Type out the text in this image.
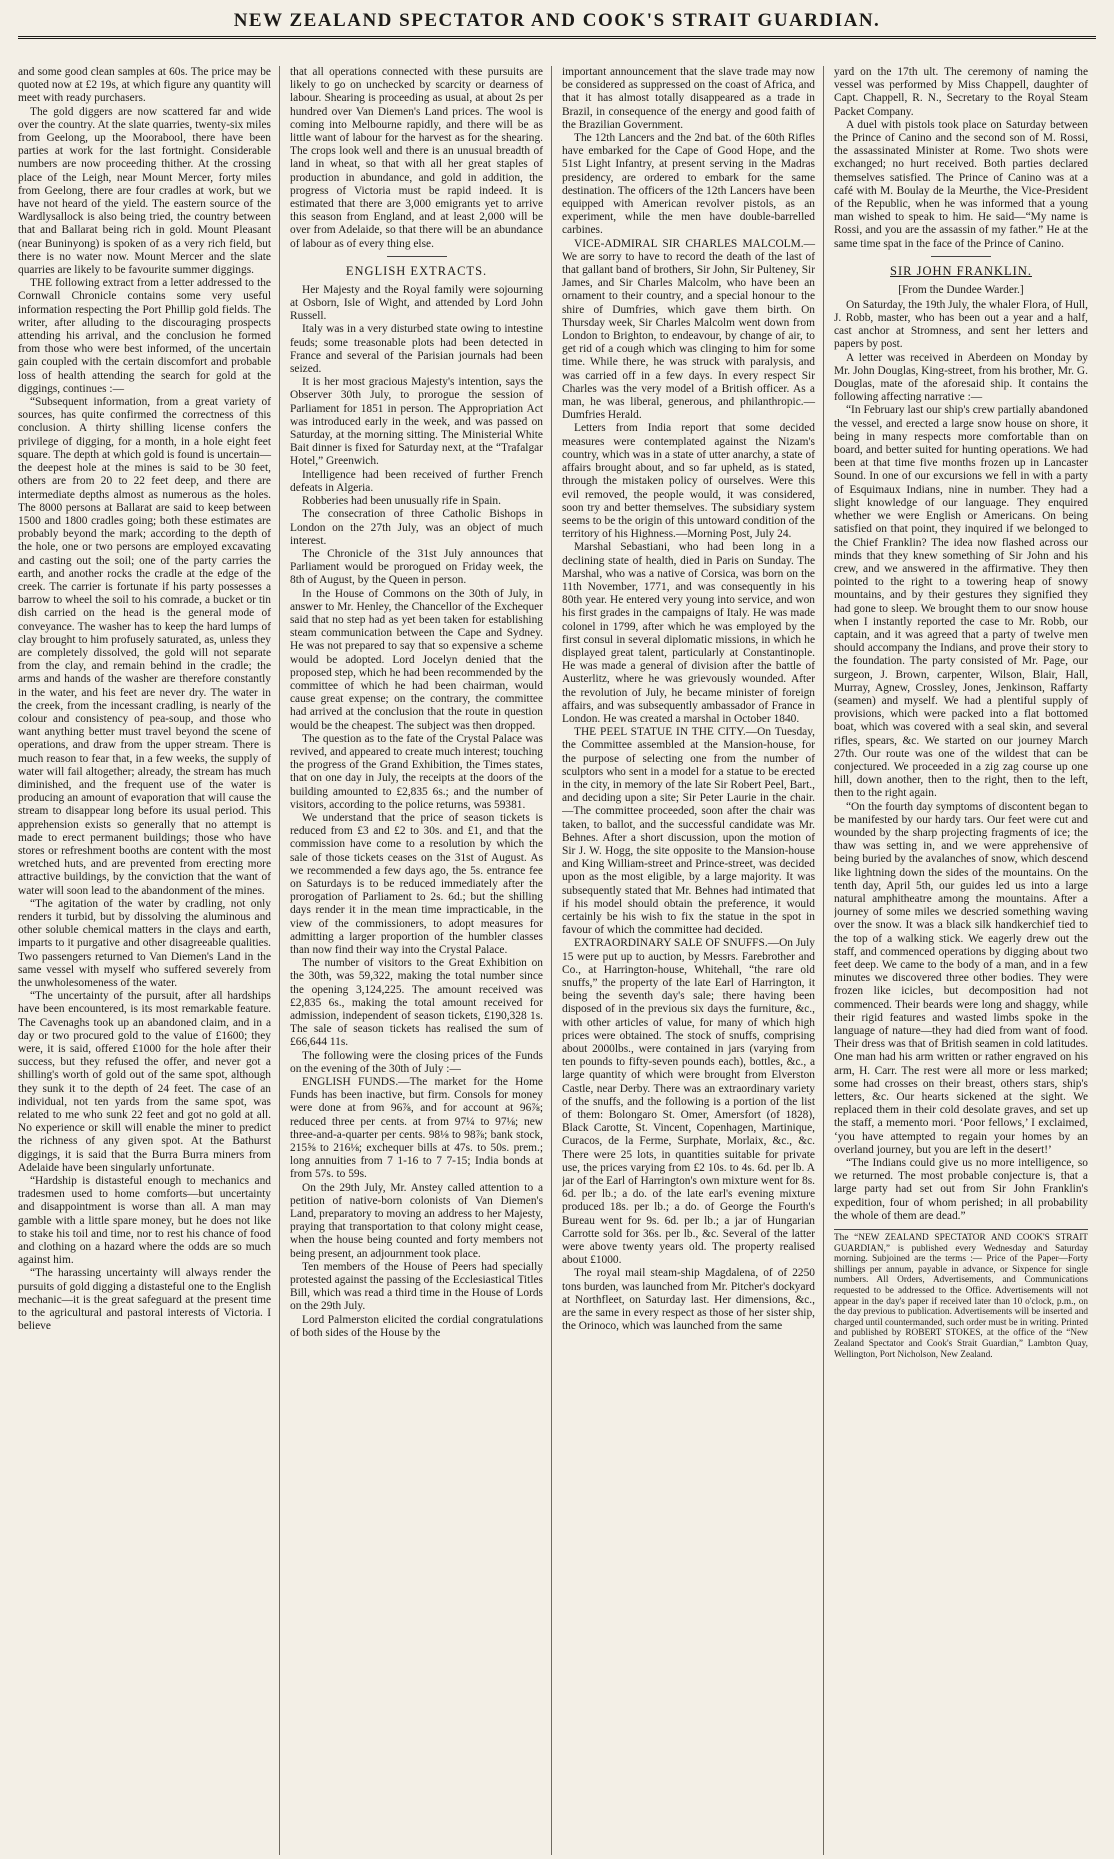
NEW ZEALAND SPECTATOR AND COOK'S STRAIT GUARDIAN.

and some good clean samples at 60s. The price may be quoted now at £2 19s, at which figure any quantity will meet with ready purchasers.

The gold diggers are now scattered far and wide over the country. At the slate quarries, twenty-six miles from Geelong, up the Moorabool, there have been parties at work for the last fortnight. Considerable numbers are now proceeding thither. At the crossing place of the Leigh, near Mount Mercer, forty miles from Geelong, there are four cradles at work, but we have not heard of the yield. The eastern source of the Wardlysallock is also being tried, the country between that and Ballarat being rich in gold. Mount Pleasant (near Buninyong) is spoken of as a very rich field, but there is no water now. Mount Mercer and the slate quarries are likely to be favourite summer diggings.

THE following extract from a letter addressed to the Cornwall Chronicle contains some very useful information respecting the Port Phillip gold fields. The writer, after alluding to the discouraging prospects attending his arrival, and the conclusion he formed from those who were best informed, of the uncertain gain coupled with the certain discomfort and probable loss of health attending the search for gold at the diggings, continues :—

“Subsequent information, from a great variety of sources, has quite confirmed the correctness of this conclusion. A thirty shilling license confers the privilege of digging, for a month, in a hole eight feet square. The depth at which gold is found is uncertain—the deepest hole at the mines is said to be 30 feet, others are from 20 to 22 feet deep, and there are intermediate depths almost as numerous as the holes. The 8000 persons at Ballarat are said to keep between 1500 and 1800 cradles going; both these estimates are probably beyond the mark; according to the depth of the hole, one or two persons are employed excavating and casting out the soil; one of the party carries the earth, and another rocks the cradle at the edge of the creek. The carrier is fortunate if his party possesses a barrow to wheel the soil to his comrade, a bucket or tin dish carried on the head is the general mode of conveyance. The washer has to keep the hard lumps of clay brought to him profusely saturated, as, unless they are completely dissolved, the gold will not separate from the clay, and remain behind in the cradle; the arms and hands of the washer are therefore constantly in the water, and his feet are never dry. The water in the creek, from the incessant cradling, is nearly of the colour and consistency of pea-soup, and those who want anything better must travel beyond the scene of operations, and draw from the upper stream. There is much reason to fear that, in a few weeks, the supply of water will fail altogether; already, the stream has much diminished, and the frequent use of the water is producing an amount of evaporation that will cause the stream to disappear long before its usual period. This apprehension exists so generally that no attempt is made to erect permanent buildings; those who have stores or refreshment booths are content with the most wretched huts, and are prevented from erecting more attractive buildings, by the conviction that the want of water will soon lead to the abandonment of the mines.

“The agitation of the water by cradling, not only renders it turbid, but by dissolving the aluminous and other soluble chemical matters in the clays and earth, imparts to it purgative and other disagreeable qualities. Two passengers returned to Van Diemen's Land in the same vessel with myself who suffered severely from the unwholesomeness of the water.

“The uncertainty of the pursuit, after all hardships have been encountered, is its most remarkable feature. The Cavenaghs took up an abandoned claim, and in a day or two procured gold to the value of £1600; they were, it is said, offered £1000 for the hole after their success, but they refused the offer, and never got a shilling's worth of gold out of the same spot, although they sunk it to the depth of 24 feet. The case of an individual, not ten yards from the same spot, was related to me who sunk 22 feet and got no gold at all. No experience or skill will enable the miner to predict the richness of any given spot. At the Bathurst diggings, it is said that the Burra Burra miners from Adelaide have been singularly unfortunate.

“Hardship is distasteful enough to mechanics and tradesmen used to home comforts—but uncertainty and disappointment is worse than all. A man may gamble with a little spare money, but he does not like to stake his toil and time, nor to rest his chance of food and clothing on a hazard where the odds are so much against him.

“The harassing uncertainty will always render the pursuits of gold digging a distasteful one to the English mechanic—it is the great safeguard at the present time to the agricultural and pastoral interests of Victoria. I believe

that all operations connected with these pursuits are likely to go on unchecked by scarcity or dearness of labour. Shearing is proceeding as usual, at about 2s per hundred over Van Diemen's Land prices. The wool is coming into Melbourne rapidly, and there will be as little want of labour for the harvest as for the shearing. The crops look well and there is an unusual breadth of land in wheat, so that with all her great staples of production in abundance, and gold in addition, the progress of Victoria must be rapid indeed. It is estimated that there are 3,000 emigrants yet to arrive this season from England, and at least 2,000 will be over from Adelaide, so that there will be an abundance of labour as of every thing else.

ENGLISH EXTRACTS.

Her Majesty and the Royal family were sojourning at Osborn, Isle of Wight, and attended by Lord John Russell.

Italy was in a very disturbed state owing to intestine feuds; some treasonable plots had been detected in France and several of the Parisian journals had been seized.

It is her most gracious Majesty's intention, says the Observer 30th July, to prorogue the session of Parliament for 1851 in person. The Appropriation Act was introduced early in the week, and was passed on Saturday, at the morning sitting. The Ministerial White Bait dinner is fixed for Saturday next, at the “Trafalgar Hotel,” Greenwich.

Intelligence had been received of further French defeats in Algeria.

Robberies had been unusually rife in Spain.

The consecration of three Catholic Bishops in London on the 27th July, was an object of much interest.

The Chronicle of the 31st July announces that Parliament would be prorogued on Friday week, the 8th of August, by the Queen in person.

In the House of Commons on the 30th of July, in answer to Mr. Henley, the Chancellor of the Exchequer said that no step had as yet been taken for establishing steam communication between the Cape and Sydney. He was not prepared to say that so expensive a scheme would be adopted. Lord Jocelyn denied that the proposed step, which he had been recommended by the committee of which he had been chairman, would cause great expense; on the contrary, the committee had arrived at the conclusion that the route in question would be the cheapest. The subject was then dropped.

The question as to the fate of the Crystal Palace was revived, and appeared to create much interest; touching the progress of the Grand Exhibition, the Times states, that on one day in July, the receipts at the doors of the building amounted to £2,835 6s.; and the number of visitors, according to the police returns, was 59381.

We understand that the price of season tickets is reduced from £3 and £2 to 30s. and £1, and that the commission have come to a resolution by which the sale of those tickets ceases on the 31st of August. As we recommended a few days ago, the 5s. entrance fee on Saturdays is to be reduced immediately after the prorogation of Parliament to 2s. 6d.; but the shilling days render it in the mean time impracticable, in the view of the commissioners, to adopt measures for admitting a larger proportion of the humbler classes than now find their way into the Crystal Palace.

The number of visitors to the Great Exhibition on the 30th, was 59,322, making the total number since the opening 3,124,225. The amount received was £2,835 6s., making the total amount received for admission, independent of season tickets, £190,328 1s. The sale of season tickets has realised the sum of £66,644 11s.

The following were the closing prices of the Funds on the evening of the 30th of July :—

ENGLISH FUNDS.—The market for the Home Funds has been inactive, but firm. Consols for money were done at from 96⅞, and for account at 96⅞; reduced three per cents. at from 97¼ to 97⅛; new three-and-a-quarter per cents. 98⅛ to 98⅞; bank stock, 215⅝ to 216⅛; exchequer bills at 47s. to 50s. prem.; long annuities from 7 1-16 to 7 7-15; India bonds at from 57s. to 59s.

On the 29th July, Mr. Anstey called attention to a petition of native-born colonists of Van Diemen's Land, preparatory to moving an address to her Majesty, praying that transportation to that colony might cease, when the house being counted and forty members not being present, an adjournment took place.

Ten members of the House of Peers had specially protested against the passing of the Ecclesiastical Titles Bill, which was read a third time in the House of Lords on the 29th July.

Lord Palmerston elicited the cordial congratulations of both sides of the House by the

important announcement that the slave trade may now be considered as suppressed on the coast of Africa, and that it has almost totally disappeared as a trade in Brazil, in consequence of the energy and good faith of the Brazilian Government.

The 12th Lancers and the 2nd bat. of the 60th Rifles have embarked for the Cape of Good Hope, and the 51st Light Infantry, at present serving in the Madras presidency, are ordered to embark for the same destination. The officers of the 12th Lancers have been equipped with American revolver pistols, as an experiment, while the men have double-barrelled carbines.

VICE-ADMIRAL SIR CHARLES MALCOLM.—We are sorry to have to record the death of the last of that gallant band of brothers, Sir John, Sir Pulteney, Sir James, and Sir Charles Malcolm, who have been an ornament to their country, and a special honour to the shire of Dumfries, which gave them birth. On Thursday week, Sir Charles Malcolm went down from London to Brighton, to endeavour, by change of air, to get rid of a cough which was clinging to him for some time. While there, he was struck with paralysis, and was carried off in a few days. In every respect Sir Charles was the very model of a British officer. As a man, he was liberal, generous, and philanthropic.—Dumfries Herald.

Letters from India report that some decided measures were contemplated against the Nizam's country, which was in a state of utter anarchy, a state of affairs brought about, and so far upheld, as is stated, through the mistaken policy of ourselves. Were this evil removed, the people would, it was considered, soon try and better themselves. The subsidiary system seems to be the origin of this untoward condition of the territory of his Highness.—Morning Post, July 24.

Marshal Sebastiani, who had been long in a declining state of health, died in Paris on Sunday. The Marshal, who was a native of Corsica, was born on the 11th November, 1771, and was consequently in his 80th year. He entered very young into service, and won his first grades in the campaigns of Italy. He was made colonel in 1799, after which he was employed by the first consul in several diplomatic missions, in which he displayed great talent, particularly at Constantinople. He was made a general of division after the battle of Austerlitz, where he was grievously wounded. After the revolution of July, he became minister of foreign affairs, and was subsequently ambassador of France in London. He was created a marshal in October 1840.

THE PEEL STATUE IN THE CITY.—On Tuesday, the Committee assembled at the Mansion-house, for the purpose of selecting one from the number of sculptors who sent in a model for a statue to be erected in the city, in memory of the late Sir Robert Peel, Bart., and deciding upon a site; Sir Peter Laurie in the chair.—The committee proceeded, soon after the chair was taken, to ballot, and the successful candidate was Mr. Behnes. After a short discussion, upon the motion of Sir J. W. Hogg, the site opposite to the Mansion-house and King William-street and Prince-street, was decided upon as the most eligible, by a large majority. It was subsequently stated that Mr. Behnes had intimated that if his model should obtain the preference, it would certainly be his wish to fix the statue in the spot in favour of which the committee had decided.

EXTRAORDINARY SALE OF SNUFFS.—On July 15 were put up to auction, by Messrs. Farebrother and Co., at Harrington-house, Whitehall, “the rare old snuffs,” the property of the late Earl of Harrington, it being the seventh day's sale; there having been disposed of in the previous six days the furniture, &c., with other articles of value, for many of which high prices were obtained. The stock of snuffs, comprising about 2000lbs., were contained in jars (varying from ten pounds to fifty-seven pounds each), bottles, &c., a large quantity of which were brought from Elverston Castle, near Derby. There was an extraordinary variety of the snuffs, and the following is a portion of the list of them: Bolongaro St. Omer, Amersfort (of 1828), Black Carotte, St. Vincent, Copenhagen, Martinique, Curacos, de la Ferme, Surphate, Morlaix, &c., &c. There were 25 lots, in quantities suitable for private use, the prices varying from £2 10s. to 4s. 6d. per lb. A jar of the Earl of Harrington's own mixture went for 8s. 6d. per lb.; a do. of the late earl's evening mixture produced 18s. per lb.; a do. of George the Fourth's Bureau went for 9s. 6d. per lb.; a jar of Hungarian Carrotte sold for 36s. per lb., &c. Several of the latter were above twenty years old. The property realised about £1000.

The royal mail steam-ship Magdalena, of of 2250 tons burden, was launched from Mr. Pitcher's dockyard at Northfleet, on Saturday last. Her dimensions, &c., are the same in every respect as those of her sister ship, the Orinoco, which was launched from the same

yard on the 17th ult. The ceremony of naming the vessel was performed by Miss Chappell, daughter of Capt. Chappell, R. N., Secretary to the Royal Steam Packet Company.

A duel with pistols took place on Saturday between the Prince of Canino and the second son of M. Rossi, the assassinated Minister at Rome. Two shots were exchanged; no hurt received. Both parties declared themselves satisfied. The Prince of Canino was at a café with M. Boulay de la Meurthe, the Vice-President of the Republic, when he was informed that a young man wished to speak to him. He said—“My name is Rossi, and you are the assassin of my father.” He at the same time spat in the face of the Prince of Canino.

SIR JOHN FRANKLIN.
[From the Dundee Warder.]

On Saturday, the 19th July, the whaler Flora, of Hull, J. Robb, master, who has been out a year and a half, cast anchor at Stromness, and sent her letters and papers by post.

A letter was received in Aberdeen on Monday by Mr. John Douglas, King-street, from his brother, Mr. G. Douglas, mate of the aforesaid ship. It contains the following affecting narrative :—

“In February last our ship's crew partially abandoned the vessel, and erected a large snow house on shore, it being in many respects more comfortable than on board, and better suited for hunting operations. We had been at that time five months frozen up in Lancaster Sound. In one of our excursions we fell in with a party of Esquimaux Indians, nine in number. They had a slight knowledge of our language. They enquired whether we were English or Americans. On being satisfied on that point, they inquired if we belonged to the Chief Franklin? The idea now flashed across our minds that they knew something of Sir John and his crew, and we answered in the affirmative. They then pointed to the right to a towering heap of snowy mountains, and by their gestures they signified they had gone to sleep. We brought them to our snow house when I instantly reported the case to Mr. Robb, our captain, and it was agreed that a party of twelve men should accompany the Indians, and prove their story to the foundation. The party consisted of Mr. Page, our surgeon, J. Brown, carpenter, Wilson, Blair, Hall, Murray, Agnew, Crossley, Jones, Jenkinson, Raffarty (seamen) and myself. We had a plentiful supply of provisions, which were packed into a flat bottomed boat, which was covered with a seal skin, and several rifles, spears, &c. We started on our journey March 27th. Our route was one of the wildest that can be conjectured. We proceeded in a zig zag course up one hill, down another, then to the right, then to the left, then to the right again.

“On the fourth day symptoms of discontent began to be manifested by our hardy tars. Our feet were cut and wounded by the sharp projecting fragments of ice; the thaw was setting in, and we were apprehensive of being buried by the avalanches of snow, which descend like lightning down the sides of the mountains. On the tenth day, April 5th, our guides led us into a large natural amphitheatre among the mountains. After a journey of some miles we descried something waving over the snow. It was a black silk handkerchief tied to the top of a walking stick. We eagerly drew out the staff, and commenced operations by digging about two feet deep. We came to the body of a man, and in a few minutes we discovered three other bodies. They were frozen like icicles, but decomposition had not commenced. Their beards were long and shaggy, while their rigid features and wasted limbs spoke in the language of nature—they had died from want of food. Their dress was that of British seamen in cold latitudes. One man had his arm written or rather engraved on his arm, H. Carr. The rest were all more or less marked; some had crosses on their breast, others stars, ship's letters, &c. Our hearts sickened at the sight. We replaced them in their cold desolate graves, and set up the staff, a memento mori. ‘Poor fellows,’ I exclaimed, ‘you have attempted to regain your homes by an overland journey, but you are left in the desert!’

“The Indians could give us no more intelligence, so we returned. The most probable conjecture is, that a large party had set out from Sir John Franklin's expedition, four of whom perished; in all probability the whole of them are dead.”

The “NEW ZEALAND SPECTATOR AND COOK'S STRAIT GUARDIAN,” is published every Wednesday and Saturday morning. Subjoined are the terms :— Price of the Paper—Forty shillings per annum, payable in advance, or Sixpence for single numbers. All Orders, Advertisements, and Communications requested to be addressed to the Office. Advertisements will not appear in the day's paper if received later than 10 o'clock, p.m., on the day previous to publication. Advertisements will be inserted and charged until countermanded, such order must be in writing. Printed and published by ROBERT STOKES, at the office of the “New Zealand Spectator and Cook's Strait Guardian,” Lambton Quay, Wellington, Port Nicholson, New Zealand.
